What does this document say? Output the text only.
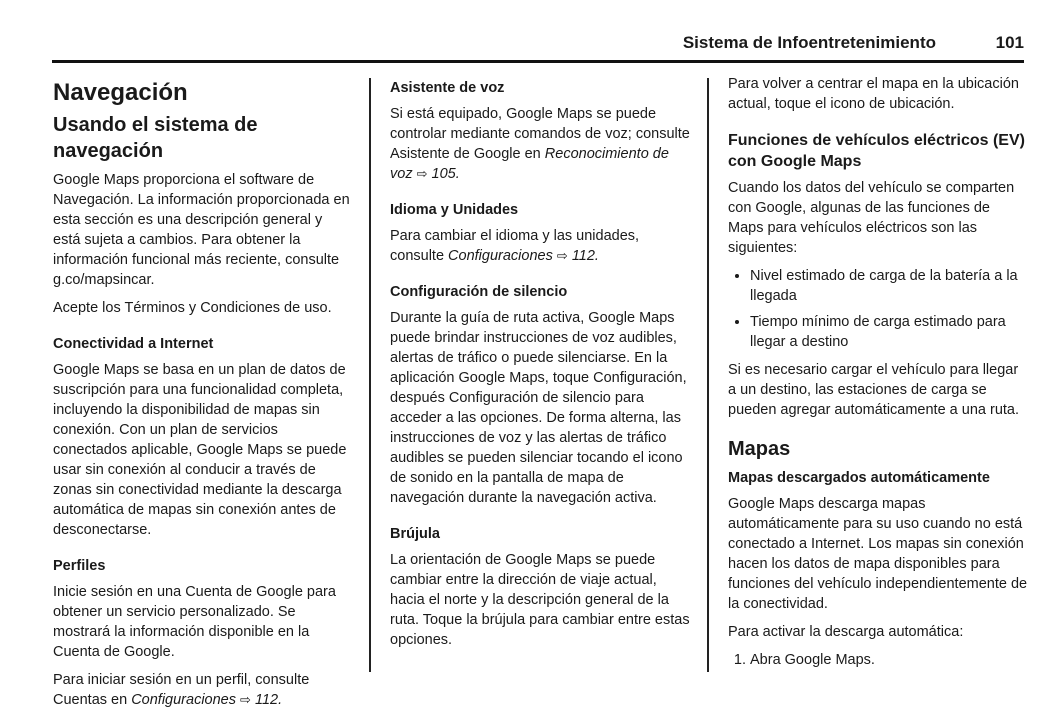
Sistema de Infoentretenimiento	101
Navegación
Usando el sistema de navegación

Google Maps proporciona el software de Navegación. La información proporcionada en esta sección es una descripción general y está sujeta a cambios. Para obtener la información funcional más reciente, consulte g.co/mapsincar.

Acepte los Términos y Condiciones de uso.

Conectividad a Internet

Google Maps se basa en un plan de datos de suscripción para una funcionalidad completa, incluyendo la disponibilidad de mapas sin conexión. Con un plan de servicios conectados aplicable, Google Maps se puede usar sin conexión al conducir a través de zonas sin conectividad mediante la descarga automática de mapas sin conexión antes de desconectarse.

Perfiles

Inicie sesión en una Cuenta de Google para obtener un servicio personalizado. Se mostrará la información disponible en la Cuenta de Google.

Para iniciar sesión en un perfil, consulte Cuentas en Configuraciones ⇨ 112.

Asistente de voz

Si está equipado, Google Maps se puede controlar mediante comandos de voz; consulte Asistente de Google en Reconocimiento de voz ⇨ 105.

Idioma y Unidades

Para cambiar el idioma y las unidades, consulte Configuraciones ⇨ 112.

Configuración de silencio

Durante la guía de ruta activa, Google Maps puede brindar instrucciones de voz audibles, alertas de tráfico o puede silenciarse. En la aplicación Google Maps, toque Configuración, después Configuración de silencio para acceder a las opciones. De forma alterna, las instrucciones de voz y las alertas de tráfico audibles se pueden silenciar tocando el icono de sonido en la pantalla de mapa de navegación durante la navegación activa.

Brújula

La orientación de Google Maps se puede cambiar entre la dirección de viaje actual, hacia el norte y la descripción general de la ruta. Toque la brújula para cambiar entre estas opciones.

Para volver a centrar el mapa en la ubicación actual, toque el icono de ubicación.

Funciones de vehículos eléctricos (EV) con Google Maps

Cuando los datos del vehículo se comparten con Google, algunas de las funciones de Maps para vehículos eléctricos son las siguientes:

• Nivel estimado de carga de la batería a la llegada
• Tiempo mínimo de carga estimado para llegar a destino

Si es necesario cargar el vehículo para llegar a un destino, las estaciones de carga se pueden agregar automáticamente a una ruta.

Mapas
Mapas descargados automáticamente

Google Maps descarga mapas automáticamente para su uso cuando no está conectado a Internet. Los mapas sin conexión hacen los datos de mapa disponibles para funciones del vehículo independientemente de la conectividad.

Para activar la descarga automática:

1. Abra Google Maps.
